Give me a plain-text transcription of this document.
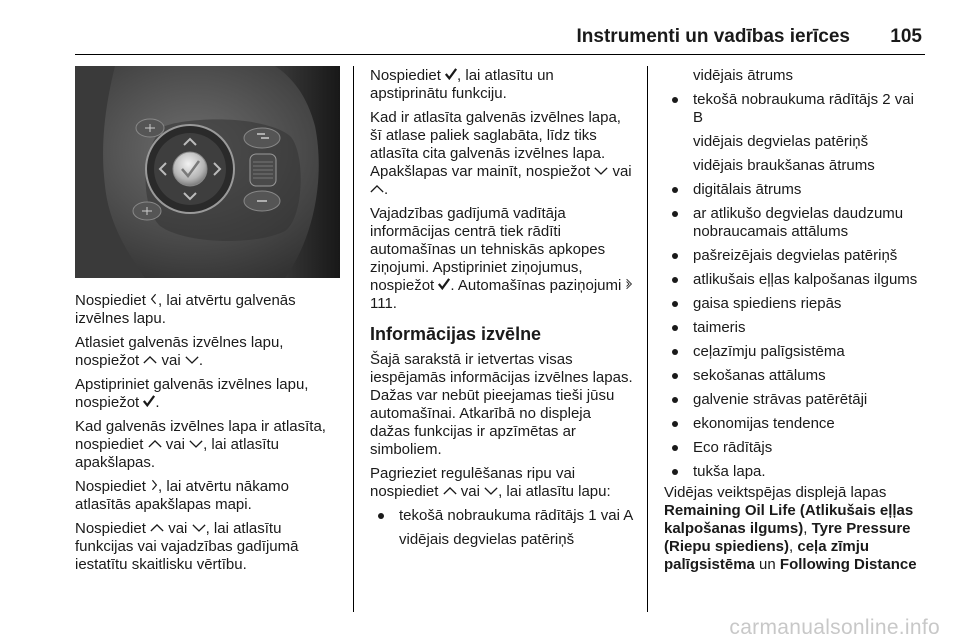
Instrumenti un vadības ierīces	105

Nospiediet , lai atvērtu galvenās izvēlnes lapu.

Atlasiet galvenās izvēlnes lapu, nospiežot  vai .

Apstipriniet galvenās izvēlnes lapu, nospiežot .

Kad galvenās izvēlnes lapa ir atlasīta, nospiediet  vai , lai atlasītu apakšlapas.

Nospiediet , lai atvērtu nākamo atlasītās apakšlapas mapi.

Nospiediet  vai , lai atlasītu funkcijas vai vajadzības gadījumā iestatītu skaitlisku vērtību.

Nospiediet , lai atlasītu un apstiprinātu funkciju.

Kad ir atlasīta galvenās izvēlnes lapa, šī atlase paliek saglabāta, līdz tiks atlasīta cita galvenās izvēlnes lapa. Apakšlapas var mainīt, nospiežot  vai .

Vajadzības gadījumā vadītāja informācijas centrā tiek rādīti automašīnas un tehniskās apkopes ziņojumi. Apstipriniet ziņojumus, nospiežot . Automašīnas paziņojumi  111.

Informācijas izvēlne

Šajā sarakstā ir ietvertas visas iespējamās informācijas izvēlnes lapas. Dažas var nebūt pieejamas tieši jūsu automašīnai. Atkarībā no displeja dažas funkcijas ir apzīmētas ar simboliem.

Pagrieziet regulēšanas ripu vai nospiediet  vai , lai atlasītu lapu:

tekošā nobraukuma rādītājs 1 vai A
vidējais degvielas patēriņš
vidējais ātrums
tekošā nobraukuma rādītājs 2 vai B
vidējais degvielas patēriņš
vidējais braukšanas ātrums
digitālais ātrums
ar atlikušo degvielas daudzumu nobraucamais attālums
pašreizējais degvielas patēriņš
atlikušais eļļas kalpošanas ilgums
gaisa spiediens riepās
taimeris
ceļazīmju palīgsistēma
sekošanas attālums
galvenie strāvas patērētāji
ekonomijas tendence
Eco rādītājs
tukša lapa.

Vidējas veiktspējas displejā lapas Remaining Oil Life (Atlikušais eļļas kalpošanas ilgums), Tyre Pressure (Riepu spiediens), ceļa zīmju palīgsistēma un Following Distance

carmanualsonline.info
